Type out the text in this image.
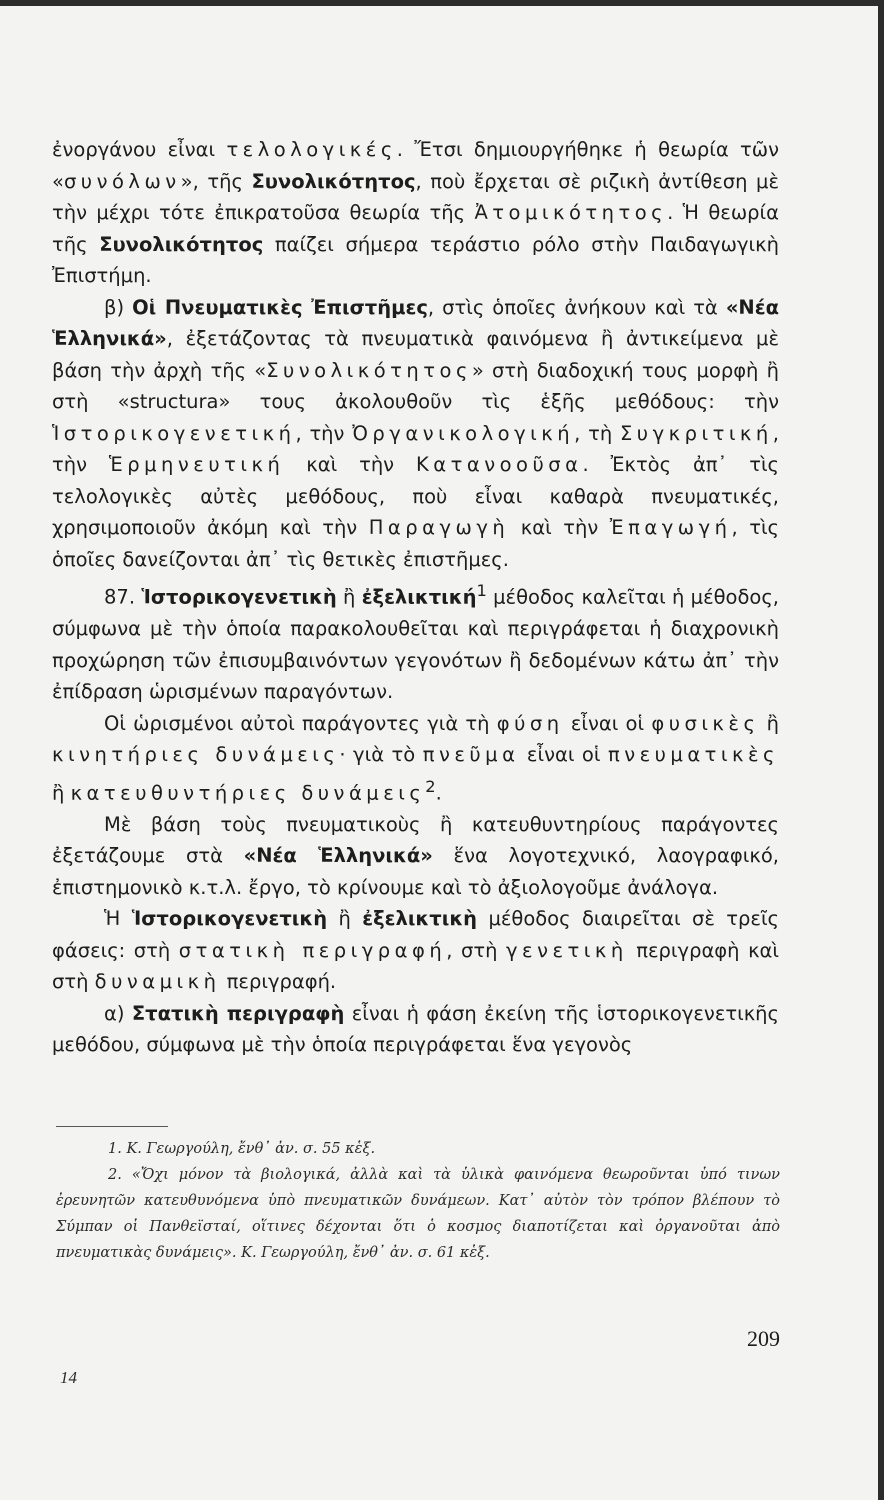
ἐνοργάνου εἶναι τελολογικές. Ἔτσι δημιουργήθηκε ἡ θεωρία τῶν «συνόλων», τῆς Συνολικότητος, ποὺ ἔρχεται σὲ ριζικὴ ἀντίθεση μὲ τὴν μέχρι τότε ἐπικρατοῦσα θεωρία τῆς Ἀτομικότητος. Ἡ θεωρία τῆς Συνολικότητος παίζει σήμερα τεράστιο ρόλο στὴν Παιδαγωγικὴ Ἐπιστήμη.

β) Οἱ Πνευματικὲς Ἐπιστῆμες, στὶς ὁποῖες ἀνήκουν καὶ τὰ «Νέα Ἑλληνικά», ἐξετάζοντας τὰ πνευματικὰ φαινόμενα ἢ ἀντικείμενα μὲ βάση τὴν ἀρχὴ τῆς «Συνολικότητος» στὴ διαδοχική τους μορφὴ ἢ στὴ «structura» τους ἀκολουθοῦν τὶς ἑξῆς μεθόδους: τὴν Ἱστορικογενετική, τὴν Ὀργανικολογική, τὴ Συγκριτική, τὴν Ἑρμηνευτική καὶ τὴν Κατανοοῦσα. Ἐκτὸς ἀπ᾽ τὶς τελολογικὲς αὐτὲς μεθόδους, ποὺ εἶναι καθαρὰ πνευματικές, χρησιμοποιοῦν ἀκόμη καὶ τὴν Παραγωγὴ καὶ τὴν Ἐπαγωγή, τὶς ὁποῖες δανείζονται ἀπ᾽ τὶς θετικὲς ἐπιστῆμες.

87. Ἱστορικογενετικὴ ἢ ἐξελικτική$^1$ μέθοδος καλεῖται ἡ μέθοδος, σύμφωνα μὲ τὴν ὁποία παρακολουθεῖται καὶ περιγράφεται ἡ διαχρονικὴ προχώρηση τῶν ἐπισυμβαινόντων γεγονότων ἢ δεδομένων κάτω ἀπ᾽ τὴν ἐπίδραση ὡρισμένων παραγόντων.

Οἱ ὡρισμένοι αὐτοὶ παράγοντες γιὰ τὴ φύση εἶναι οἱ φυσικὲς ἢ κινητήριες δυνάμεις· γιὰ τὸ πνεῦμα εἶναι οἱ πνευματικὲς ἢ κατευθυντήριες δυνάμεις$^2$.

Μὲ βάση τοὺς πνευματικοὺς ἢ κατευθυντηρίους παράγοντες ἐξετάζουμε στὰ «Νέα Ἑλληνικά» ἕνα λογοτεχνικό, λαογραφικό, ἐπιστημονικὸ κ.τ.λ. ἔργο, τὸ κρίνουμε καὶ τὸ ἀξιολογοῦμε ἀνάλογα.

Ἡ Ἱστορικογενετικὴ ἢ ἐξελικτικὴ μέθοδος διαιρεῖται σὲ τρεῖς φάσεις: στὴ στατικὴ περιγραφή, στὴ γενετικὴ περιγραφὴ καὶ στὴ δυναμικὴ περιγραφή.

α) Στατικὴ περιγραφὴ εἶναι ἡ φάση ἐκείνη τῆς ἱστορικογενετικῆς μεθόδου, σύμφωνα μὲ τὴν ὁποία περιγράφεται ἕνα γεγονὸς

1. Κ. Γεωργούλη, ἔνθ᾽ ἀν. σ. 55 κἑξ.

2. «Ὄχι μόνον τὰ βιολογικά, ἀλλὰ καὶ τὰ ὑλικὰ φαινόμενα θεωροῦνται ὑπό τινων ἐρευνητῶν κατευθυνόμενα ὑπὸ πνευματικῶν δυνάμεων. Κατ᾽ αὐτὸν τὸν τρόπον βλέπουν τὸ Σύμπαν οἱ Πανθεϊσταί, οἵτινες δέχονται ὅτι ὁ κοσμος διαποτίζεται καὶ ὀργανοῦται ἀπὸ πνευματικὰς δυνάμεις». Κ. Γεωργούλη, ἔνθ᾽ ἀν. σ. 61 κἑξ.

209
14
